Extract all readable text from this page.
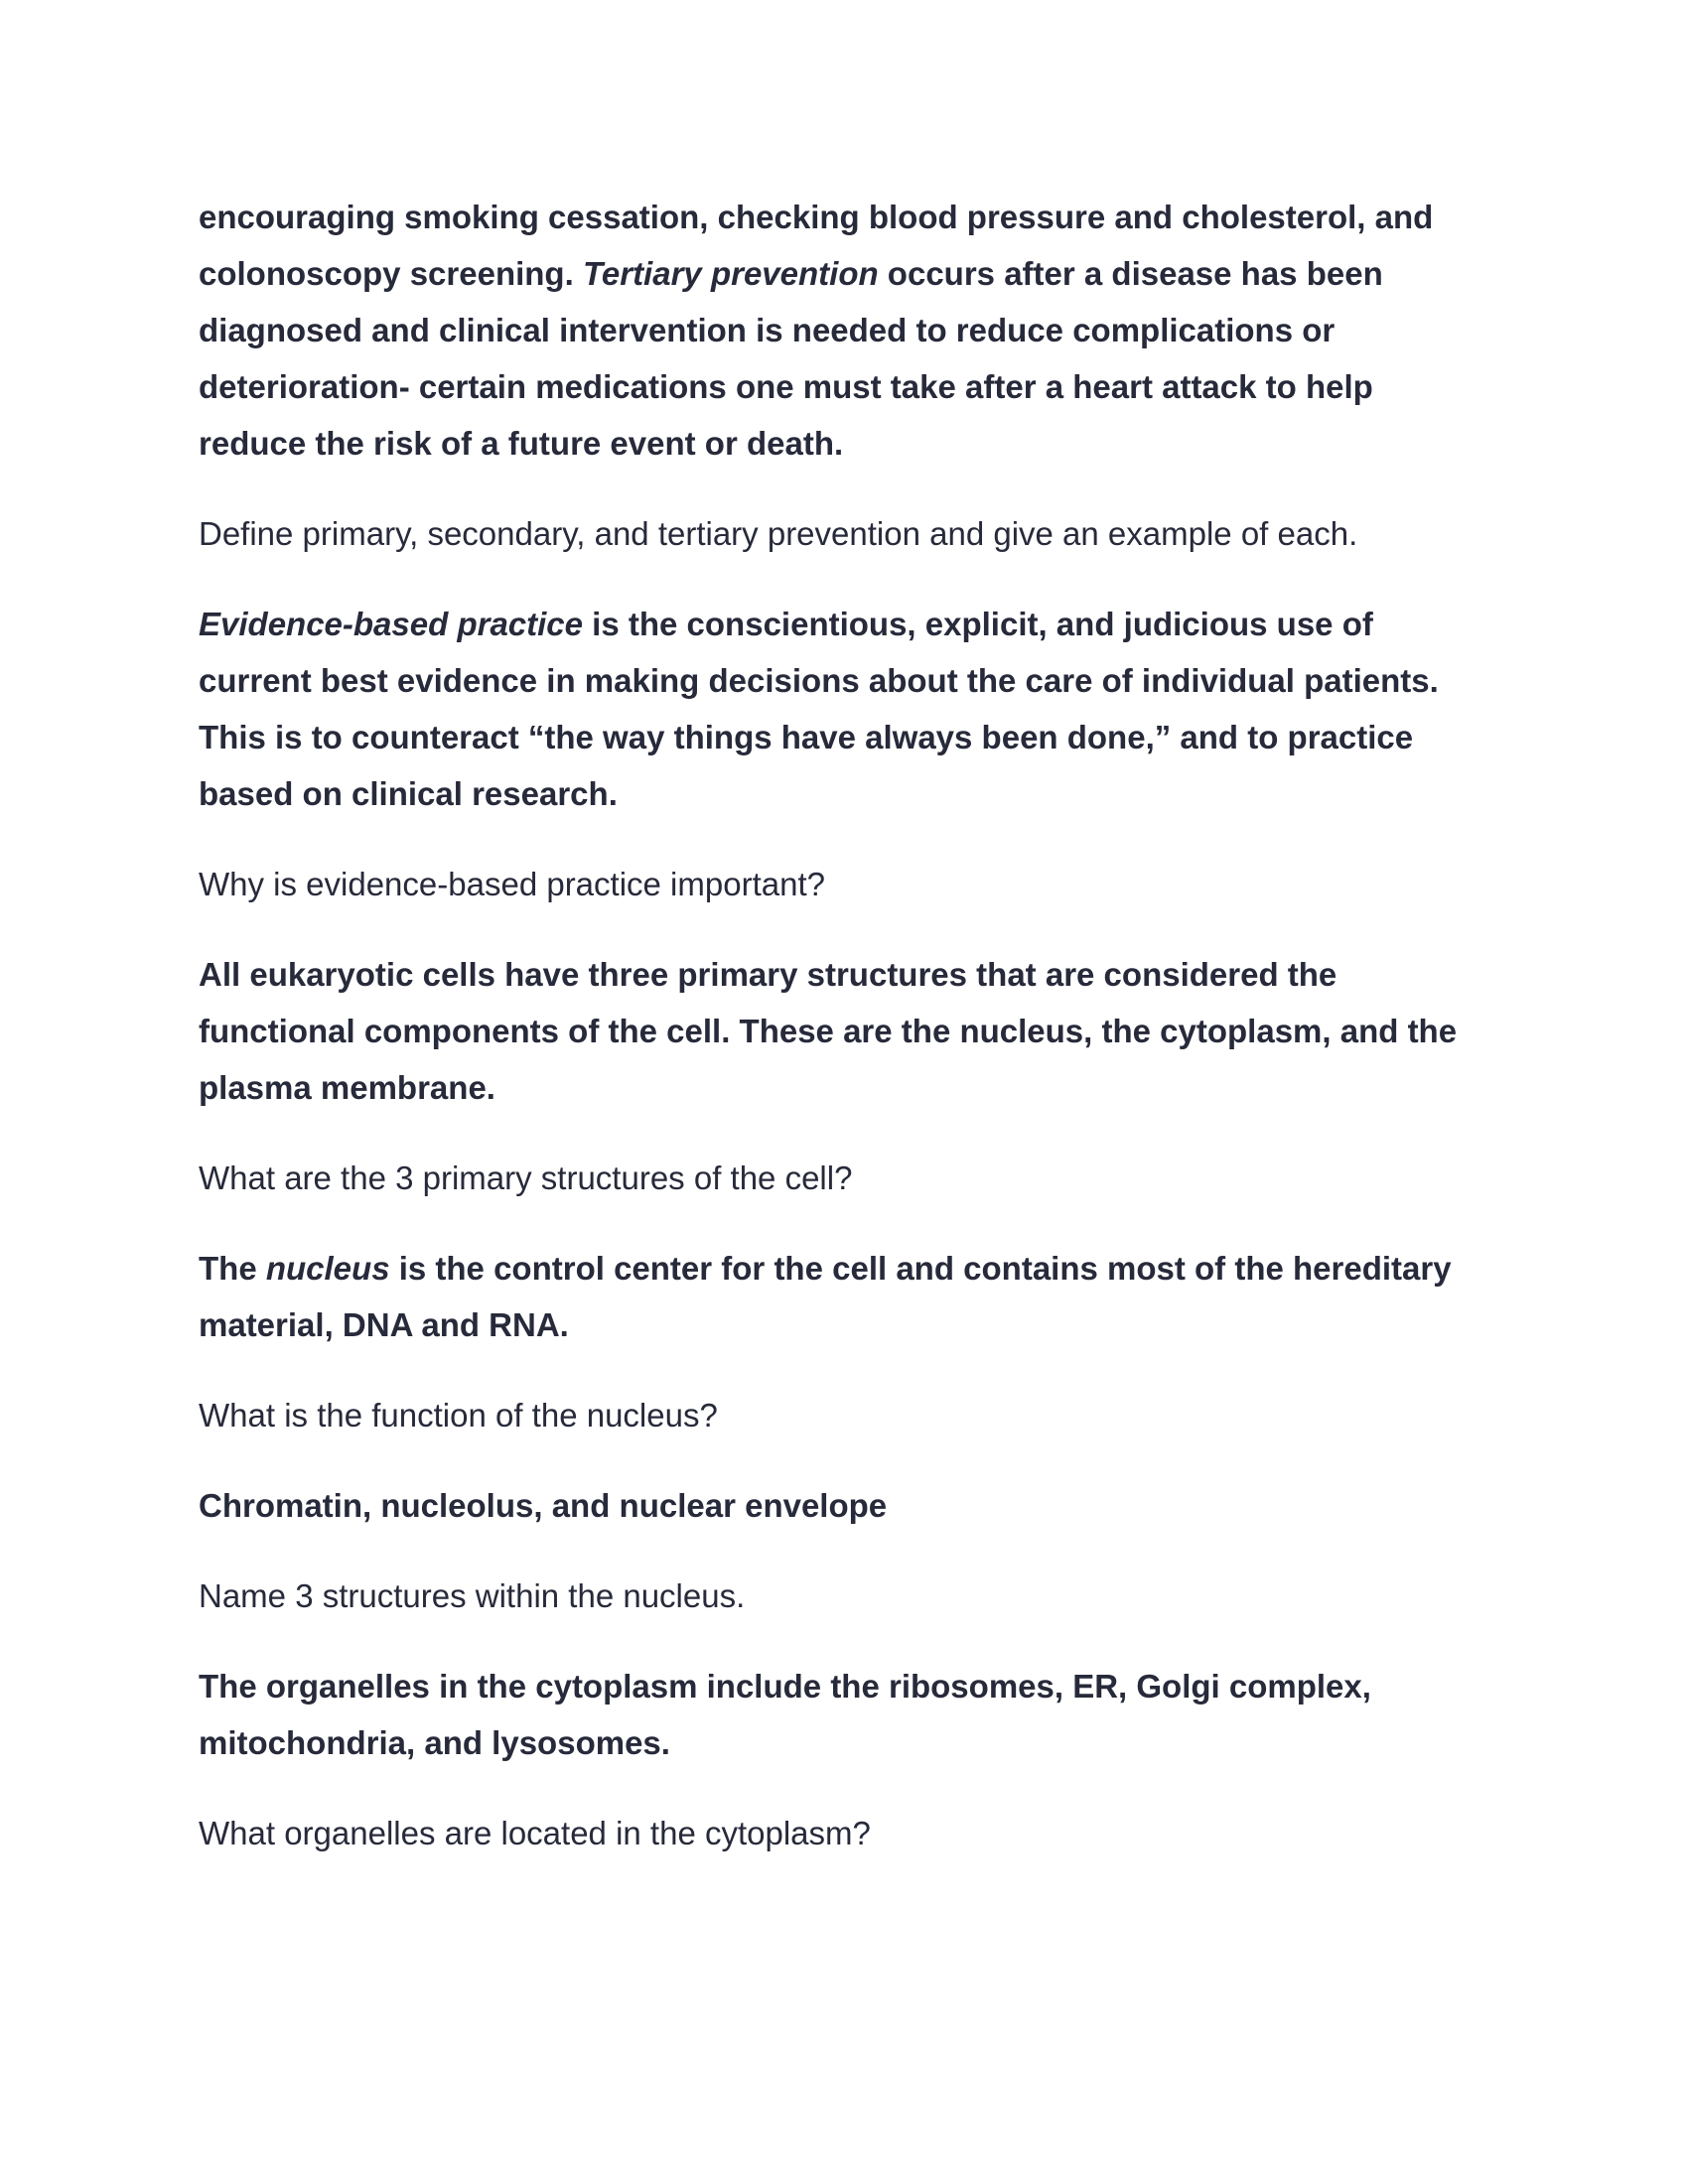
encouraging smoking cessation, checking blood pressure and cholesterol, and colonoscopy screening. Tertiary prevention occurs after a disease has been diagnosed and clinical intervention is needed to reduce complications or deterioration- certain medications one must take after a heart attack to help reduce the risk of a future event or death.

Define primary, secondary, and tertiary prevention and give an example of each.

Evidence-based practice is the conscientious, explicit, and judicious use of current best evidence in making decisions about the care of individual patients. This is to counteract “the way things have always been done,” and to practice based on clinical research.

Why is evidence-based practice important?

All eukaryotic cells have three primary structures that are considered the functional components of the cell. These are the nucleus, the cytoplasm, and the plasma membrane.

What are the 3 primary structures of the cell?

The nucleus is the control center for the cell and contains most of the hereditary material, DNA and RNA.

What is the function of the nucleus?

Chromatin, nucleolus, and nuclear envelope

Name 3 structures within the nucleus.

The organelles in the cytoplasm include the ribosomes, ER, Golgi complex, mitochondria, and lysosomes.

What organelles are located in the cytoplasm?
